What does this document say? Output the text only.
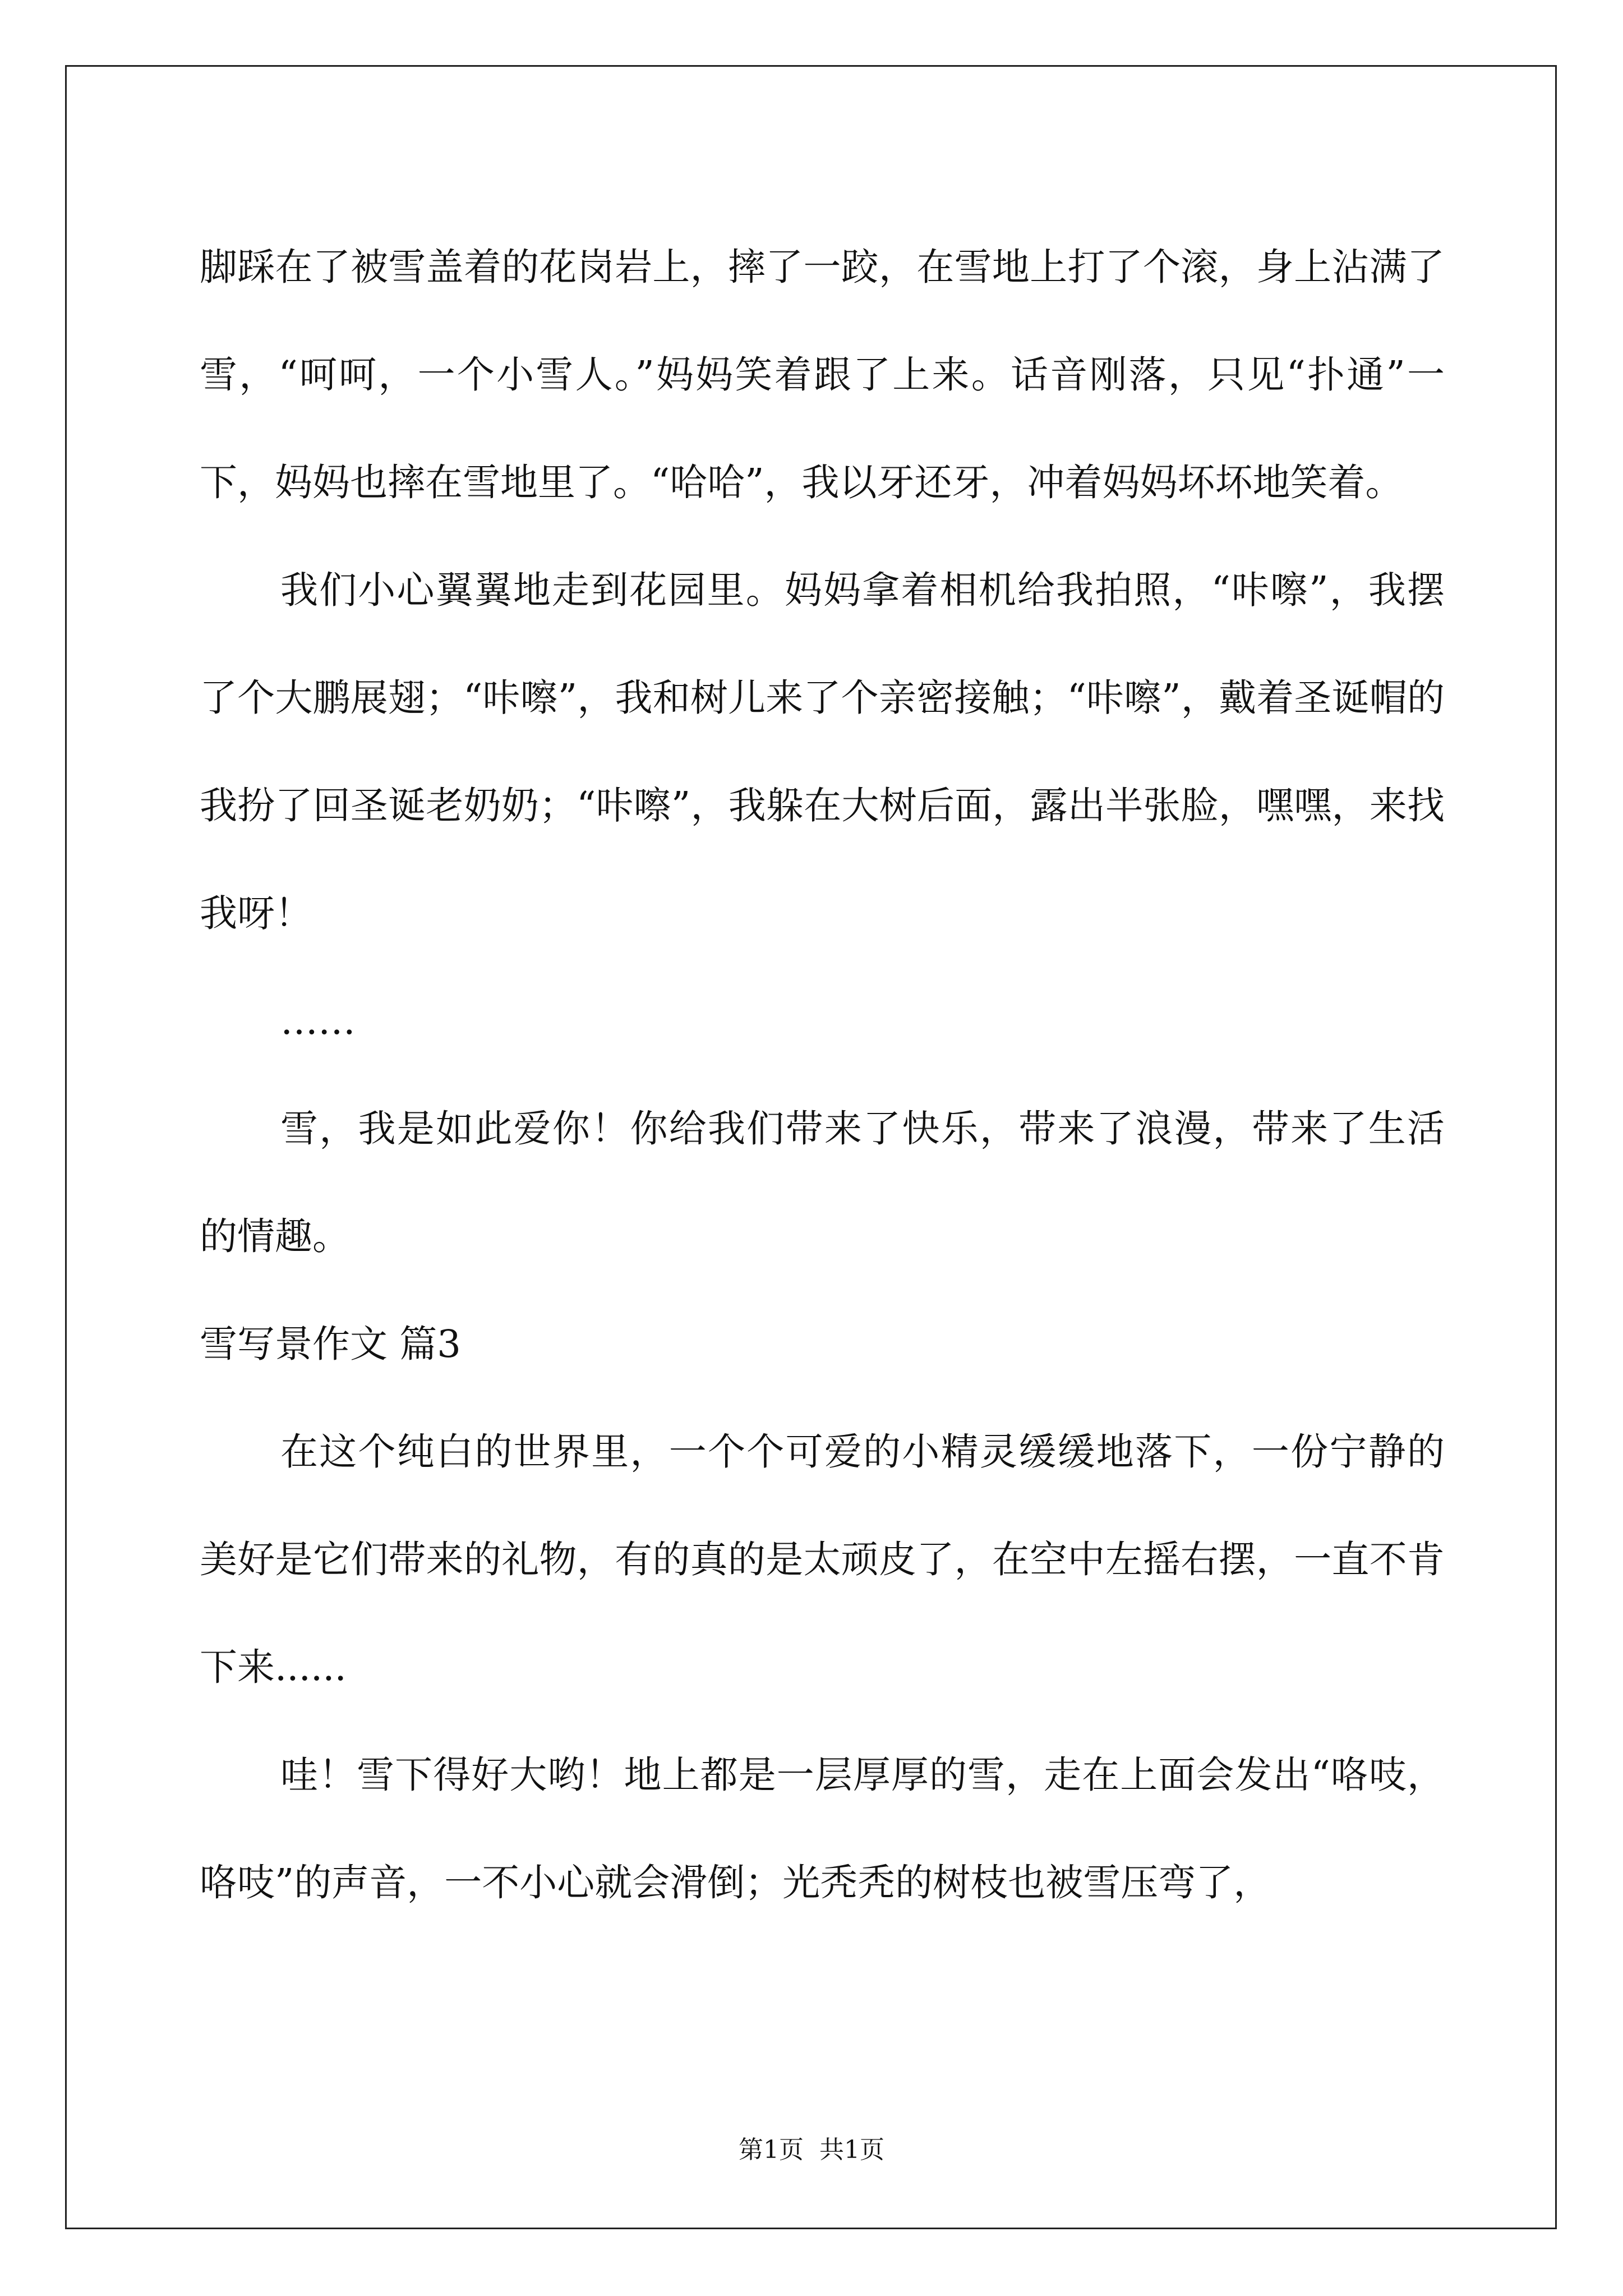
脚踩在了被雪盖着的花岗岩上，摔了一跤，在雪地上打了个滚，身上沾满了雪，“呵呵，一个小雪人。”妈妈笑着跟了上来。话音刚落，只见“扑通”一下，妈妈也摔在雪地里了。“哈哈”，我以牙还牙，冲着妈妈坏坏地笑着。

我们小心翼翼地走到花园里。妈妈拿着相机给我拍照，“咔嚓”，我摆了个大鹏展翅；“咔嚓”，我和树儿来了个亲密接触；“咔嚓”，戴着圣诞帽的我扮了回圣诞老奶奶；“咔嚓”，我躲在大树后面，露出半张脸，嘿嘿，来找我呀！

……

雪，我是如此爱你！你给我们带来了快乐，带来了浪漫，带来了生活的情趣。

雪写景作文 篇3

在这个纯白的世界里，一个个可爱的小精灵缓缓地落下，一份宁静的美好是它们带来的礼物，有的真的是太顽皮了，在空中左摇右摆，一直不肯下来......

哇！雪下得好大哟！地上都是一层厚厚的雪，走在上面会发出“咯吱，咯吱”的声音，一不小心就会滑倒；光秃秃的树枝也被雪压弯了，

第1页 共1页
